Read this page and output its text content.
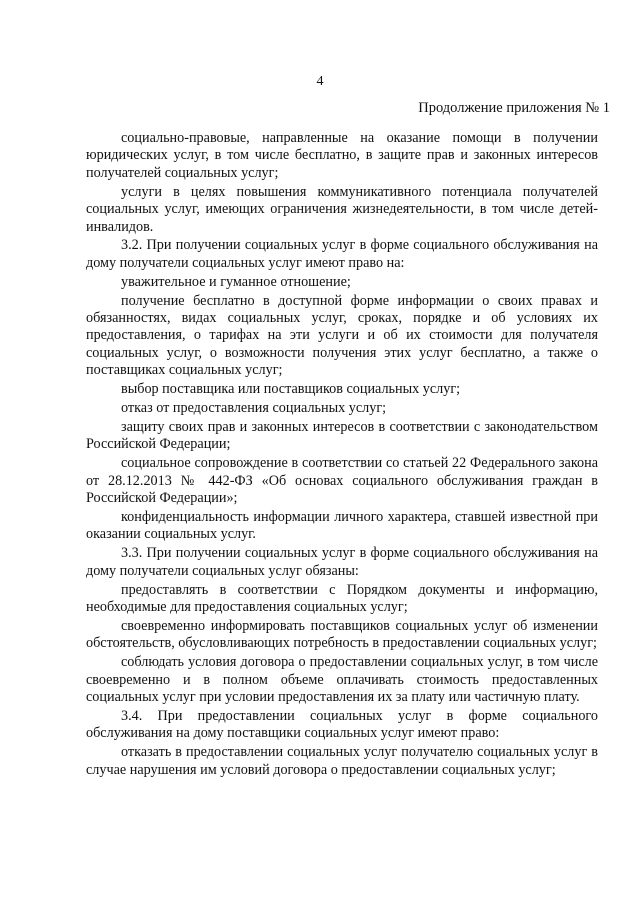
4
Продолжение приложения № 1

социально-правовые, направленные на оказание помощи в получении юридических услуг, в том числе бесплатно, в защите прав и законных интересов получателей социальных услуг;

услуги в целях повышения коммуникативного потенциала получателей социальных услуг, имеющих ограничения жизнедеятельности, в том числе детей-инвалидов.

3.2. При получении социальных услуг в форме социального обслуживания на дому получатели социальных услуг имеют право на:

уважительное и гуманное отношение;

получение бесплатно в доступной форме информации о своих правах и обязанностях, видах социальных услуг, сроках, порядке и об условиях их предоставления, о тарифах на эти услуги и об их стоимости для получателя социальных услуг, о возможности получения этих услуг бесплатно, а также о поставщиках социальных услуг;

выбор поставщика или поставщиков социальных услуг;

отказ от предоставления социальных услуг;

защиту своих прав и законных интересов в соответствии с законодательством Российской Федерации;

социальное сопровождение в соответствии со статьей 22 Федерального закона от 28.12.2013 № 442-ФЗ «Об основах социального обслуживания граждан в Российской Федерации»;

конфиденциальность информации личного характера, ставшей известной при оказании социальных услуг.

3.3. При получении социальных услуг в форме социального обслуживания на дому получатели социальных услуг обязаны:

предоставлять в соответствии с Порядком документы и информацию, необходимые для предоставления социальных услуг;

своевременно информировать поставщиков социальных услуг об изменении обстоятельств, обусловливающих потребность в предоставлении социальных услуг;

соблюдать условия договора о предоставлении социальных услуг, в том числе своевременно и в полном объеме оплачивать стоимость предоставленных социальных услуг при условии предоставления их за плату или частичную плату.

3.4. При предоставлении социальных услуг в форме социального обслуживания на дому поставщики социальных услуг имеют право:

отказать в предоставлении социальных услуг получателю социальных услуг в случае нарушения им условий договора о предоставлении социальных услуг;
